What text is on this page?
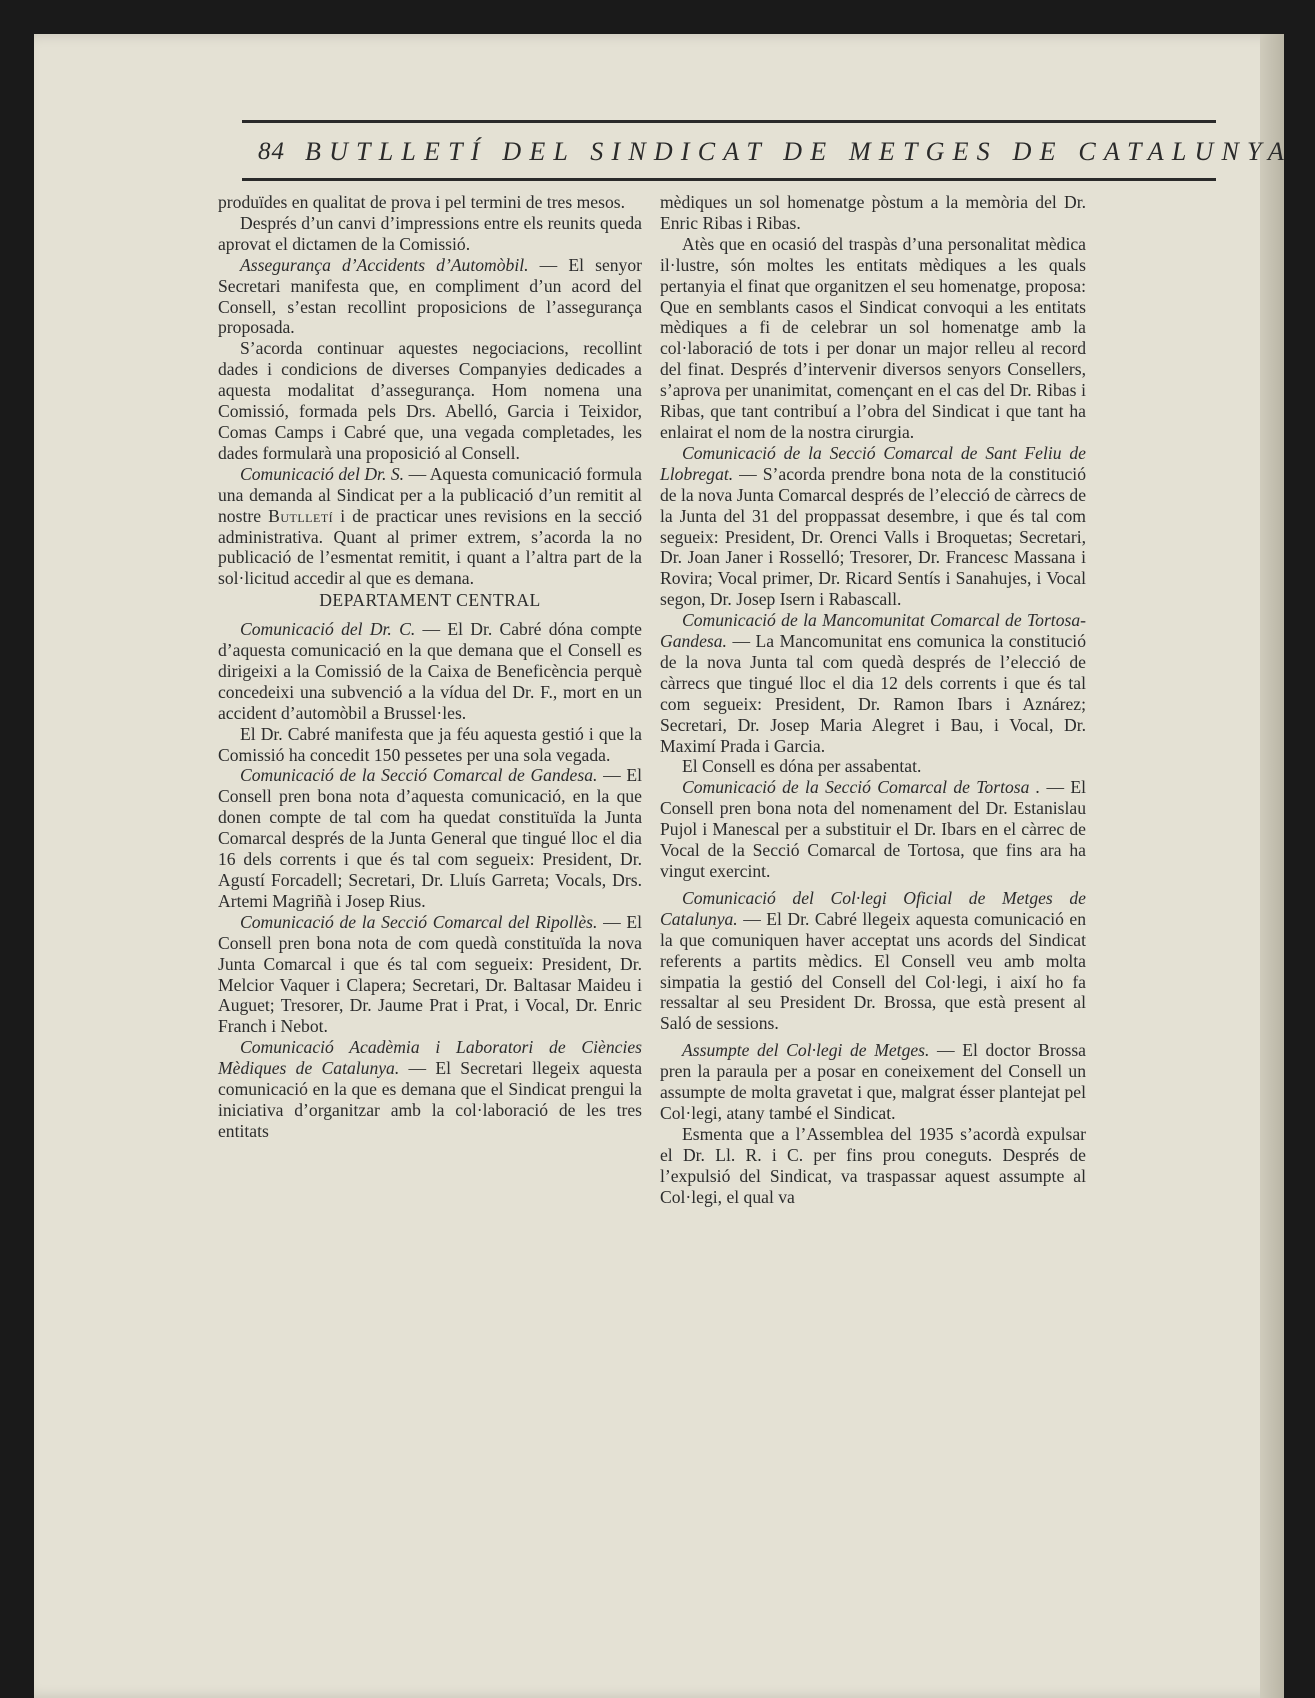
84 BUTLLETÍ DEL SINDICAT DE METGES DE CATALUNYA

produïdes en qualitat de prova i pel termini de tres mesos.

Després d’un canvi d’impressions entre els reunits queda aprovat el dictamen de la Comissió.

Assegurança d’Accidents d’Automòbil. — El senyor Secretari manifesta que, en compliment d’un acord del Consell, s’estan recollint proposicions de l’assegurança proposada.

S’acorda continuar aquestes negociacions, recollint dades i condicions de diverses Companyies dedicades a aquesta modalitat d’assegurança. Hom nomena una Comissió, formada pels Drs. Abelló, Garcia i Teixidor, Comas Camps i Cabré que, una vegada completades, les dades formularà una proposició al Consell.

Comunicació del Dr. S. — Aquesta comunicació formula una demanda al Sindicat per a la publicació d’un remitit al nostre Butlletí i de practicar unes revisions en la secció administrativa. Quant al primer extrem, s’acorda la no publicació de l’esmentat remitit, i quant a l’altra part de la sol·licitud accedir al que es demana.

DEPARTAMENT CENTRAL

Comunicació del Dr. C. — El Dr. Cabré dóna compte d’aquesta comunicació en la que demana que el Consell es dirigeixi a la Comissió de la Caixa de Beneficència perquè concedeixi una subvenció a la vídua del Dr. F., mort en un accident d’automòbil a Brussel·les.

El Dr. Cabré manifesta que ja féu aquesta gestió i que la Comissió ha concedit 150 pessetes per una sola vegada.

Comunicació de la Secció Comarcal de Gandesa. — El Consell pren bona nota d’aquesta comunicació, en la que donen compte de tal com ha quedat constituïda la Junta Comarcal després de la Junta General que tingué lloc el dia 16 dels corrents i que és tal com segueix: President, Dr. Agustí Forcadell; Secretari, Dr. Lluís Garreta; Vocals, Drs. Artemi Magriñà i Josep Rius.

Comunicació de la Secció Comarcal del Ripollès. — El Consell pren bona nota de com quedà constituïda la nova Junta Comarcal i que és tal com segueix: President, Dr. Melcior Vaquer i Clapera; Secretari, Dr. Baltasar Maideu i Auguet; Tresorer, Dr. Jaume Prat i Prat, i Vocal, Dr. Enric Franch i Nebot.

Comunicació Acadèmia i Laboratori de Ciències Mèdiques de Catalunya. — El Secretari llegeix aquesta comunicació en la que es demana que el Sindicat prengui la iniciativa d’organitzar amb la col·laboració de les tres entitats

mèdiques un sol homenatge pòstum a la memòria del Dr. Enric Ribas i Ribas.

Atès que en ocasió del traspàs d’una personalitat mèdica il·lustre, són moltes les entitats mèdiques a les quals pertanyia el finat que organitzen el seu homenatge, proposa: Que en semblants casos el Sindicat convoqui a les entitats mèdiques a fi de celebrar un sol homenatge amb la col·laboració de tots i per donar un major relleu al record del finat. Després d’intervenir diversos senyors Consellers, s’aprova per unanimitat, començant en el cas del Dr. Ribas i Ribas, que tant contribuí a l’obra del Sindicat i que tant ha enlairat el nom de la nostra cirurgia.

Comunicació de la Secció Comarcal de Sant Feliu de Llobregat. — S’acorda prendre bona nota de la constitució de la nova Junta Comarcal després de l’elecció de càrrecs de la Junta del 31 del proppassat desembre, i que és tal com segueix: President, Dr. Orenci Valls i Broquetas; Secretari, Dr. Joan Janer i Rosselló; Tresorer, Dr. Francesc Massana i Rovira; Vocal primer, Dr. Ricard Sentís i Sanahujes, i Vocal segon, Dr. Josep Isern i Rabascall.

Comunicació de la Mancomunitat Comarcal de Tortosa-Gandesa. — La Mancomunitat ens comunica la constitució de la nova Junta tal com quedà després de l’elecció de càrrecs que tingué lloc el dia 12 dels corrents i que és tal com segueix: President, Dr. Ramon Ibars i Aznárez; Secretari, Dr. Josep Maria Alegret i Bau, i Vocal, Dr. Maximí Prada i Garcia.

El Consell es dóna per assabentat.

Comunicació de la Secció Comarcal de Tortosa . — El Consell pren bona nota del nomenament del Dr. Estanislau Pujol i Manescal per a substituir el Dr. Ibars en el càrrec de Vocal de la Secció Comarcal de Tortosa, que fins ara ha vingut exercint.

Comunicació del Col·legi Oficial de Metges de Catalunya. — El Dr. Cabré llegeix aquesta comunicació en la que comuniquen haver acceptat uns acords del Sindicat referents a partits mèdics. El Consell veu amb molta simpatia la gestió del Consell del Col·legi, i així ho fa ressaltar al seu President Dr. Brossa, que està present al Saló de sessions.

Assumpte del Col·legi de Metges. — El doctor Brossa pren la paraula per a posar en coneixement del Consell un assumpte de molta gravetat i que, malgrat ésser plantejat pel Col·legi, atany també el Sindicat.

Esmenta que a l’Assemblea del 1935 s’acordà expulsar el Dr. Ll. R. i C. per fins prou coneguts. Després de l’expulsió del Sindicat, va traspassar aquest assumpte al Col·legi, el qual va
